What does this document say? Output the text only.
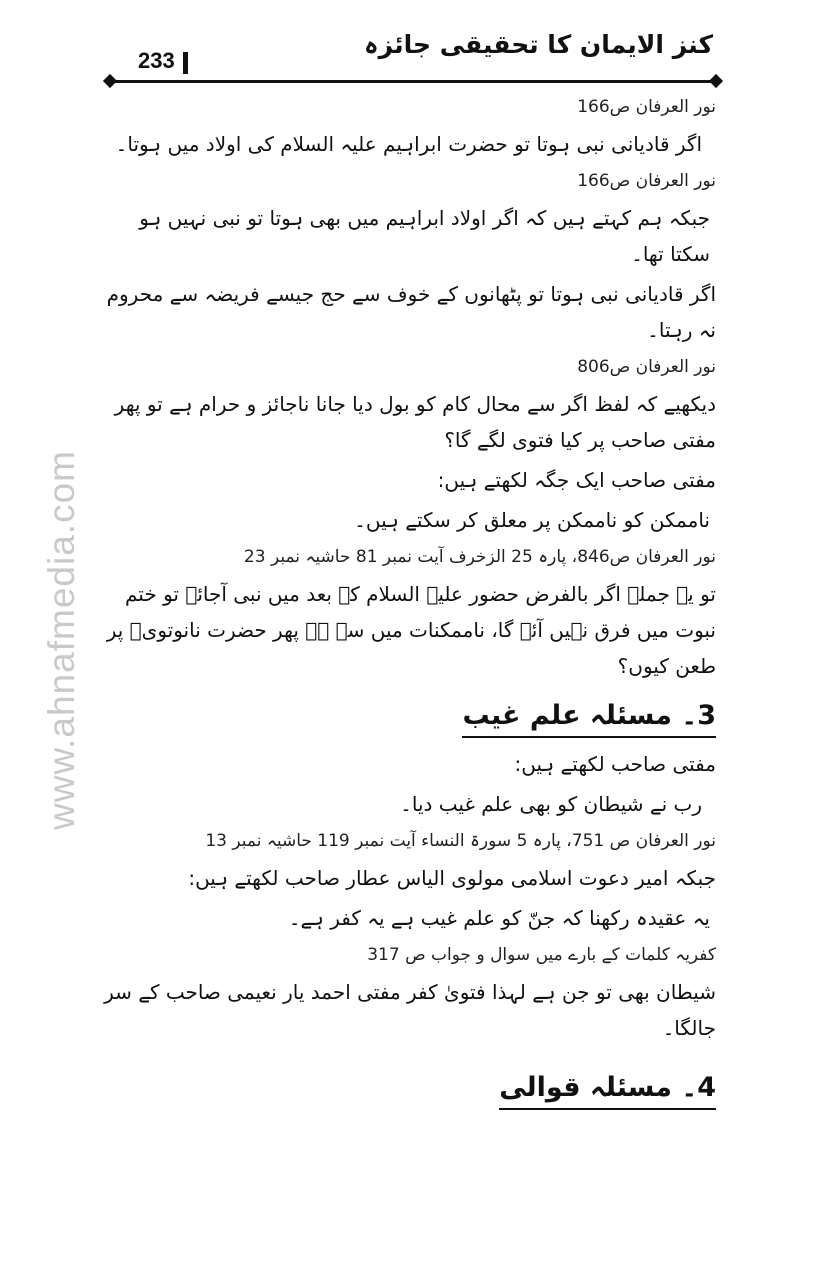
کنز الایمان کا تحقیقی جائزہ
233
www.ahnafmedia.com
نور العرفان ص166
اگر قادیانی نبی ہوتا تو حضرت ابراہیم علیہ السلام کی اولاد میں ہوتا۔
نور العرفان ص166
جبکہ ہم کہتے ہیں کہ اگر اولاد ابراہیم میں بھی ہوتا تو نبی نہیں ہو سکتا تھا۔
اگر قادیانی نبی ہوتا تو پٹھانوں کے خوف سے حج جیسے فریضہ سے محروم نہ رہتا۔
نور العرفان ص806
دیکھیے کہ لفظ اگر سے محال کام کو بول دیا جانا ناجائز و حرام ہے تو پھر مفتی صاحب پر کیا فتوی لگے گا؟
مفتی صاحب ایک جگہ لکھتے ہیں:
ناممکن کو ناممکن پر معلق کر سکتے ہیں۔
نور العرفان ص846، پارہ 25 الزخرف آیت نمبر 81 حاشیہ نمبر 23
تو یہ جملہ اگر بالفرض حضور علیہ السلام کے بعد میں نبی آجائے تو ختم نبوت میں فرق نہیں آئے گا، ناممکنات میں سے ہے پھر حضرت نانوتویؒ پر طعن کیوں؟
3۔ مسئلہ علم غیب
مفتی صاحب لکھتے ہیں:
رب نے شیطان کو بھی علم غیب دیا۔
نور العرفان ص 751، پارہ 5 سورۃ النساء آیت نمبر 119 حاشیہ نمبر 13
جبکہ امیر دعوت اسلامی مولوی الیاس عطار صاحب لکھتے ہیں:
یہ عقیدہ رکھنا کہ جنّ کو علم غیب ہے یہ کفر ہے۔
کفریہ کلمات کے بارے میں سوال و جواب ص 317
شیطان بھی تو جن ہے لہذا فتویٰ کفر مفتی احمد یار نعیمی صاحب کے سر جالگا۔
4۔ مسئلہ قوالی
